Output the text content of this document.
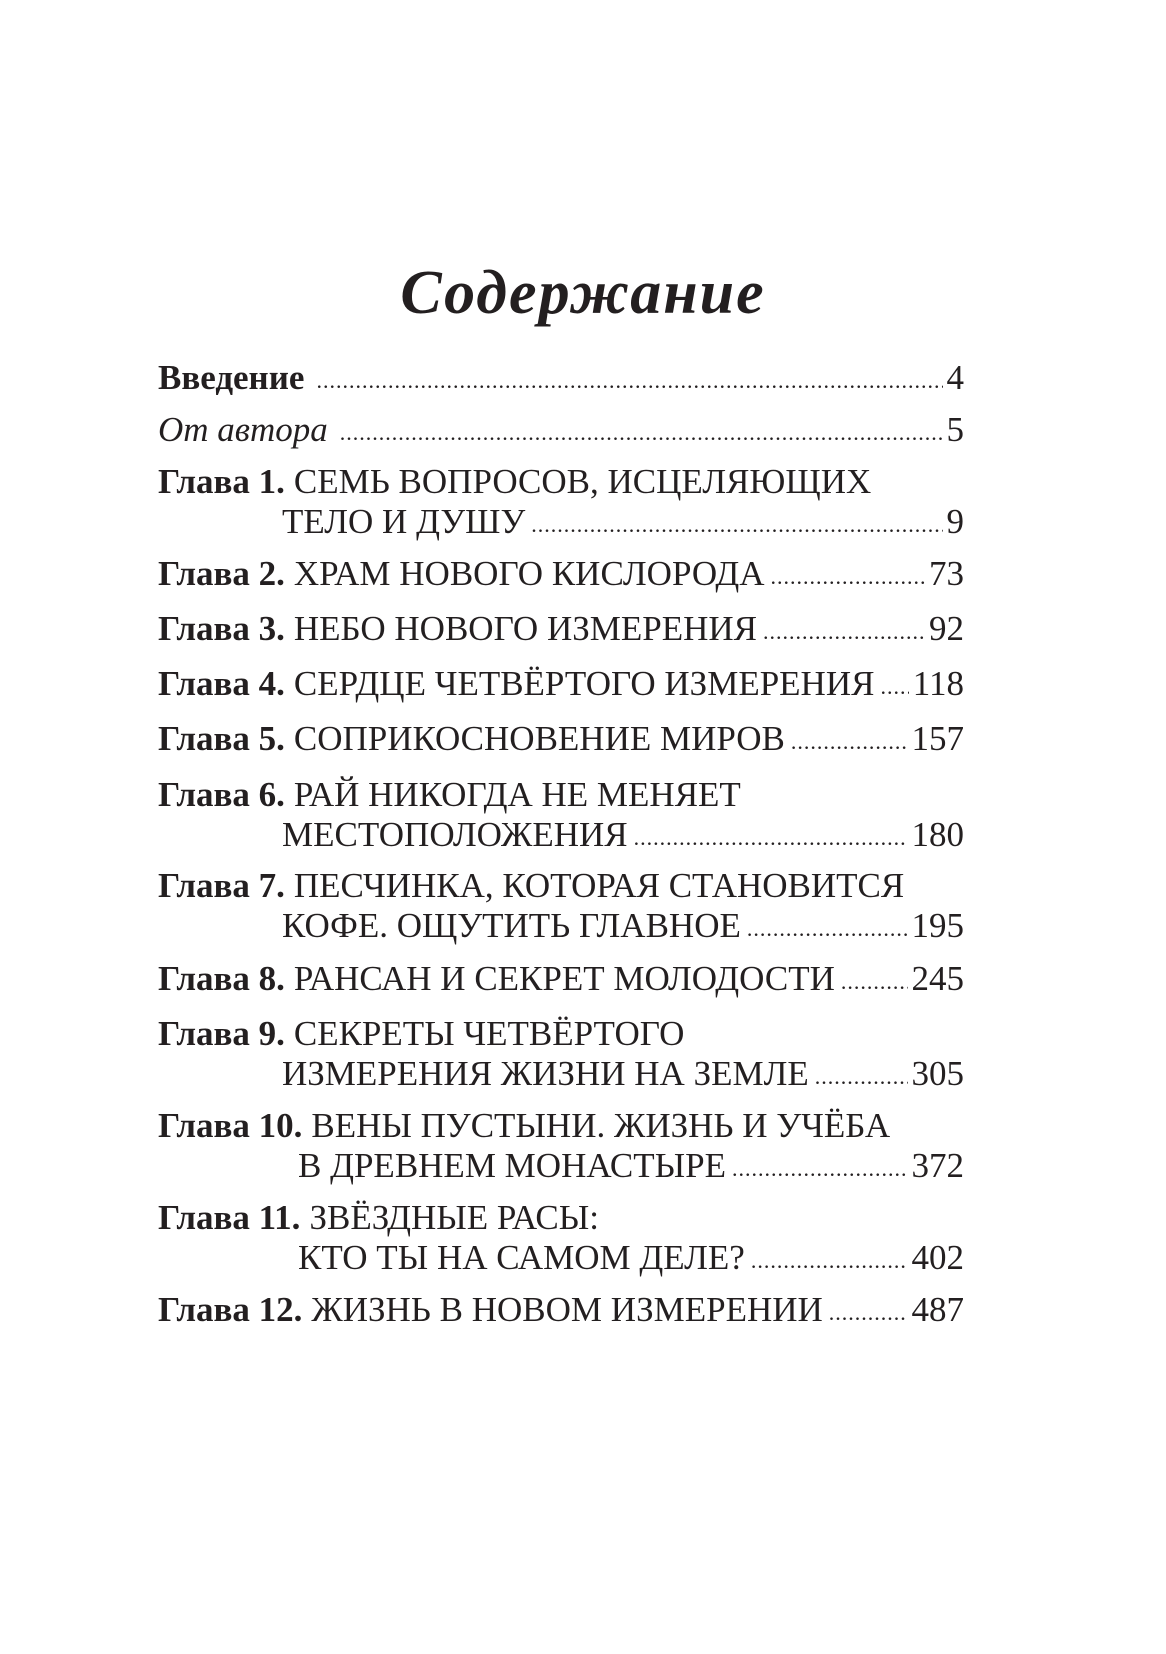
Содержание
Введение .....	4
От автора .....	5
Глава 1. СЕМЬ ВОПРОСОВ, ИСЦЕЛЯЮЩИХ
ТЕЛО И ДУШУ .....	9
Глава 2. ХРАМ НОВОГО КИСЛОРОДА .....	73
Глава 3. НЕБО НОВОГО ИЗМЕРЕНИЯ .....	92
Глава 4. СЕРДЦЕ ЧЕТВЁРТОГО ИЗМЕРЕНИЯ ..... 118
Глава 5. СОПРИКОСНОВЕНИЕ МИРОВ .....	157
Глава 6. РАЙ НИКОГДА НЕ МЕНЯЕТ
МЕСТОПОЛОЖЕНИЯ .....	180
Глава 7. ПЕСЧИНКА, КОТОРАЯ СТАНОВИТСЯ
КОФЕ. ОЩУТИТЬ ГЛАВНОЕ .....	195
Глава 8. РАНСАН И СЕКРЕТ МОЛОДОСТИ ..... 245
Глава 9. СЕКРЕТЫ ЧЕТВЁРТОГО
ИЗМЕРЕНИЯ ЖИЗНИ НА ЗЕМЛЕ .....	305
Глава 10. ВЕНЫ ПУСТЫНИ. ЖИЗНЬ И УЧЁБА
В ДРЕВНЕМ МОНАСТЫРЕ .....	372
Глава 11. ЗВЁЗДНЫЕ РАСЫ:
КТО ТЫ НА САМОМ ДЕЛЕ? .....	402
Глава 12. ЖИЗНЬ В НОВОМ ИЗМЕРЕНИИ .....	487
